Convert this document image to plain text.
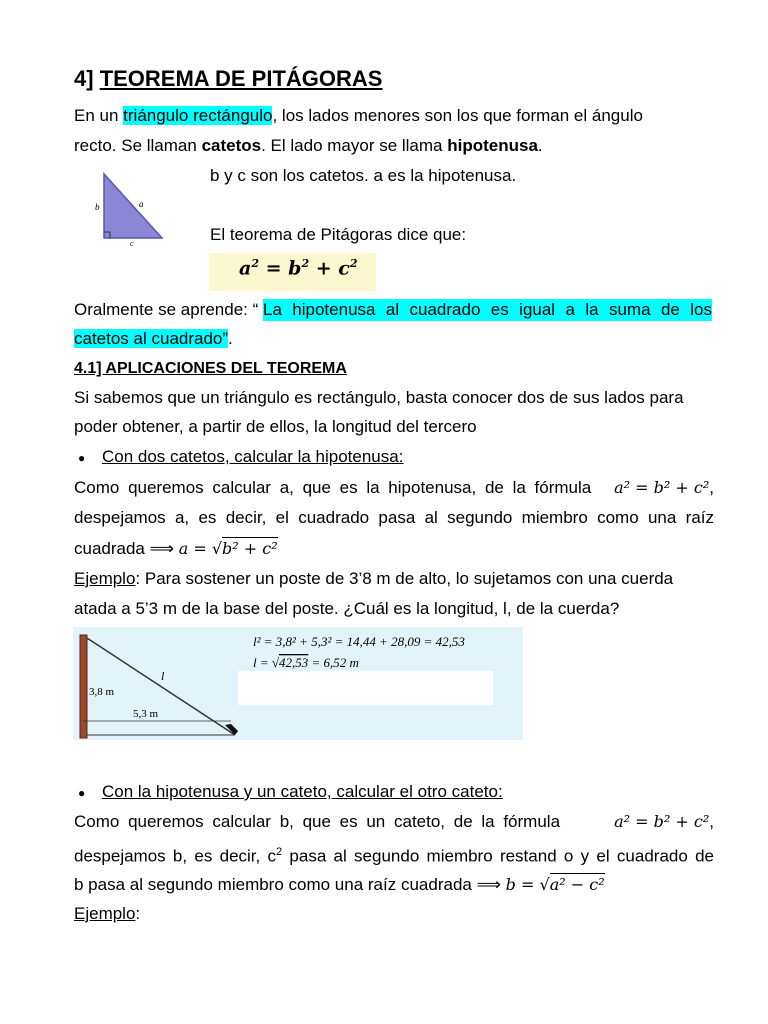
4] TEOREMA DE PITÁGORAS
En un triángulo rectángulo, los lados menores son los que forman el ángulo
recto. Se llaman catetos. El lado mayor se llama hipotenusa.
b	a
c
b y c son los catetos. a es la hipotenusa.
El teorema de Pitágoras dice que:
$a^2 = b^2 + c^2$
Oralmente se aprende: “ La hipotenusa al cuadrado es igual a la suma de los
catetos al cuadrado”.
4.1] APLICACIONES DEL TEOREMA
Si sabemos que un triángulo es rectángulo, basta conocer dos de sus lados para
poder obtener, a partir de ellos, la longitud del tercero
● Con dos catetos, calcular la hipotenusa:
Como queremos calcular a, que es la hipotenusa, de la fórmula a² = b² + c²,
despejamos a, es decir, el cuadrado pasa al segundo miembro como una raíz
cuadrada ⟹ a = √b² + c²
Ejemplo: Para sostener un poste de 3’8 m de alto, lo sujetamos con una cuerda
atada a 5’3 m de la base del poste. ¿Cuál es la longitud, l, de la cuerda?
3,8 m
5,3 m
l
l² = 3,8² + 5,3² = 14,44 + 28,09 = 42,53
l = √42,53 = 6,52 m
● Con la hipotenusa y un cateto, calcular el otro cateto:
Como queremos calcular b, que es un cateto, de la fórmula	a² = b² + c²,
despejamos b, es decir, $c^2$ pasa al segundo miembro restand o y el cuadrado de
b pasa al segundo miembro como una raíz cuadrada ⟹ b = √a² − c²
Ejemplo:
